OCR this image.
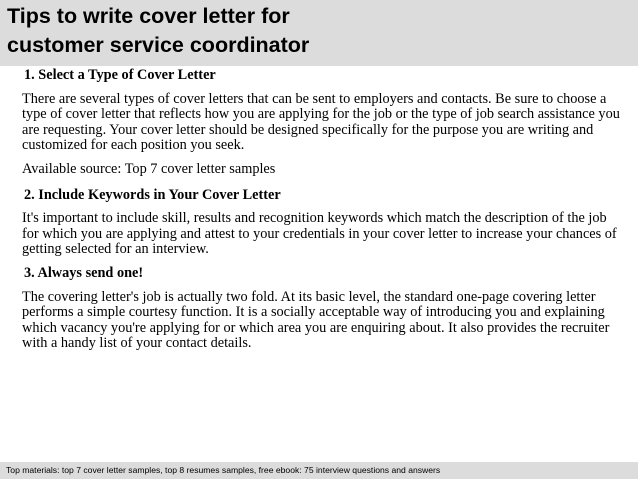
Tips to write cover letter for
customer service coordinator

1. Select a Type of Cover Letter

There are several types of cover letters that can be sent to employers and contacts. Be sure to choose a type of cover letter that reflects how you are applying for the job or the type of job search assistance you are requesting. Your cover letter should be designed specifically for the purpose you are writing and customized for each position you seek.

Available source: Top 7 cover letter samples

2. Include Keywords in Your Cover Letter

It's important to include skill, results and recognition keywords which match the description of the job for which you are applying and attest to your credentials in your cover letter to increase your chances of getting selected for an interview.

3. Always send one!

The covering letter's job is actually two fold. At its basic level, the standard one-page covering letter performs a simple courtesy function. It is a socially acceptable way of introducing you and explaining which vacancy you're applying for or which area you are enquiring about. It also provides the recruiter with a handy list of your contact details.

Top materials: top 7 cover letter samples, top 8 resumes samples, free ebook: 75 interview questions and answers
